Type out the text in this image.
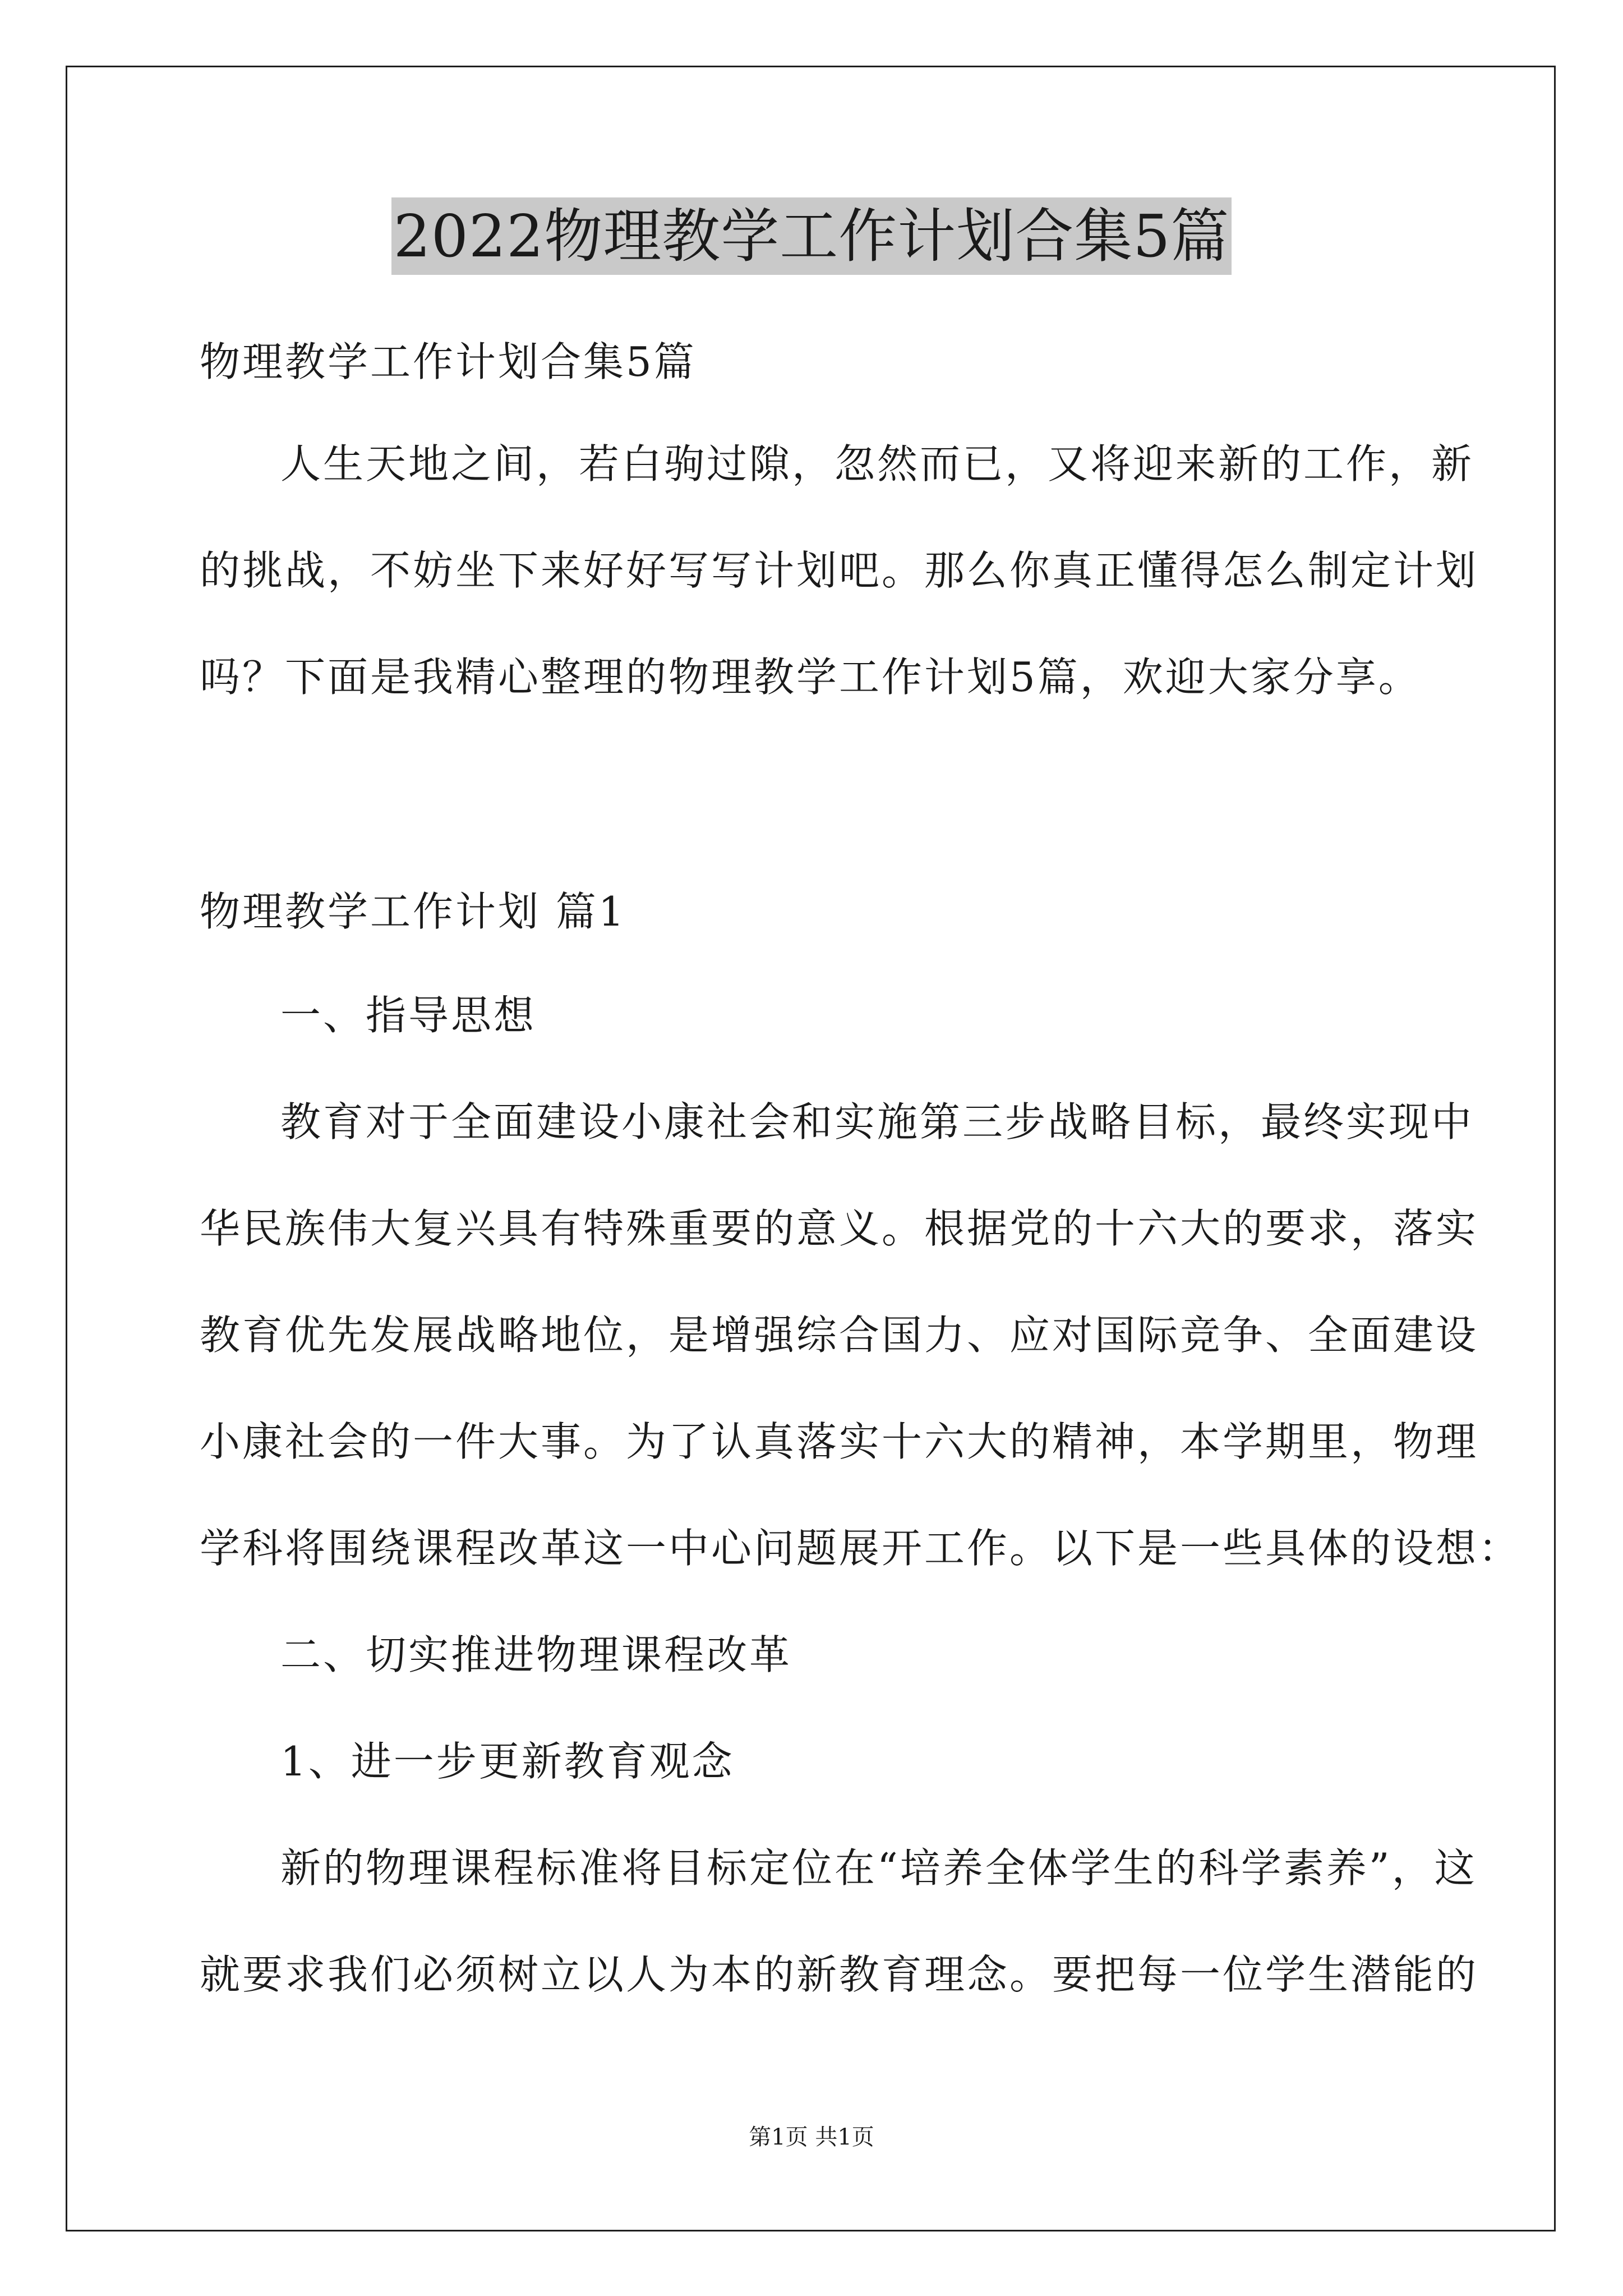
2022物理教学工作计划合集5篇

物理教学工作计划合集5篇

人生天地之间，若白驹过隙，忽然而已，又将迎来新的工作，新

的挑战，不妨坐下来好好写写计划吧。那么你真正懂得怎么制定计划

吗？下面是我精心整理的物理教学工作计划5篇，欢迎大家分享。

物理教学工作计划 篇1

一、指导思想

教育对于全面建设小康社会和实施第三步战略目标，最终实现中

华民族伟大复兴具有特殊重要的意义。根据党的十六大的要求，落实

教育优先发展战略地位，是增强综合国力、应对国际竞争、全面建设

小康社会的一件大事。为了认真落实十六大的精神，本学期里，物理

学科将围绕课程改革这一中心问题展开工作。以下是一些具体的设想：

二、切实推进物理课程改革

1、进一步更新教育观念

新的物理课程标准将目标定位在“培养全体学生的科学素养”，这

就要求我们必须树立以人为本的新教育理念。要把每一位学生潜能的

第1页 共1页
